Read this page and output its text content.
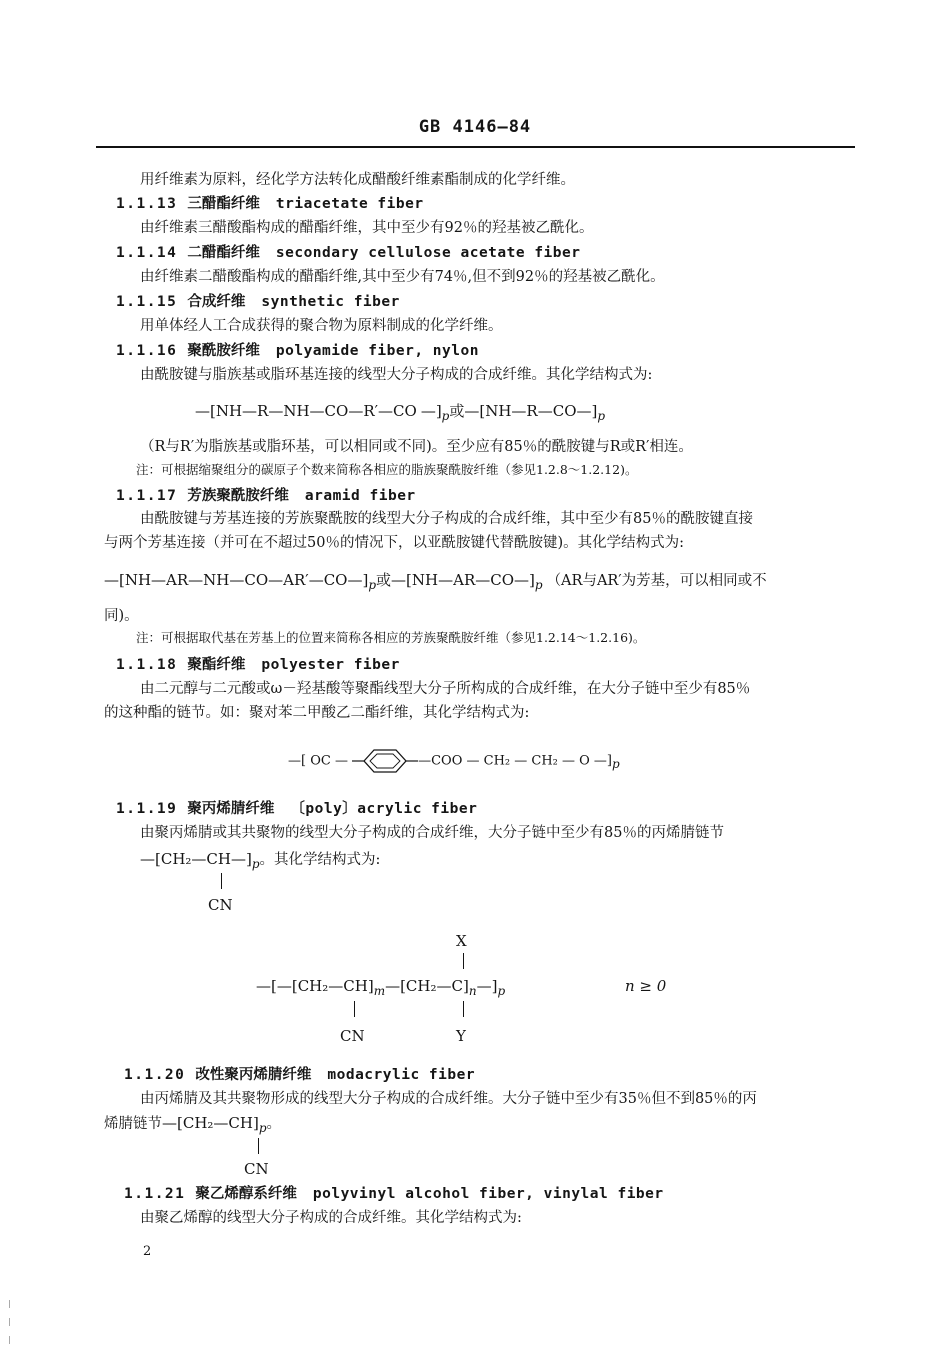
GB 4146—84
用纤维素为原料，经化学方法转化成醋酸纤维素酯制成的化学纤维。
1.1.13 三醋酯纤维 triacetate fiber
由纤维素三醋酸酯构成的醋酯纤维，其中至少有92％的羟基被乙酰化。
1.1.14 二醋酯纤维 secondary cellulose acetate fiber
由纤维素二醋酸酯构成的醋酯纤维,其中至少有74％,但不到92％的羟基被乙酰化。
1.1.15 合成纤维 synthetic fiber
用单体经人工合成获得的聚合物为原料制成的化学纤维。
1.1.16 聚酰胺纤维 polyamide fiber, nylon
由酰胺键与脂族基或脂环基连接的线型大分子构成的合成纤维。其化学结构式为:
—[NH—R—NH—CO—R′—CO $—]_p$或$—[NH—R—CO—]_p$
（R与R′为脂族基或脂环基，可以相同或不同)。至少应有85％的酰胺键与R或R′相连。
注：可根据缩聚组分的碳原子个数来简称各相应的脂族聚酰胺纤维（参见1.2.8～1.2.12)。
1.1.17 芳族聚酰胺纤维 aramid fiber
由酰胺键与芳基连接的芳族聚酰胺的线型大分子构成的合成纤维，其中至少有85％的酰胺键直接
与两个芳基连接（并可在不超过50％的情况下，以亚酰胺键代替酰胺键)。其化学结构式为:
$—[NH—AR—NH—CO—AR'—CO—]_p$或$—[NH—AR—CO—]_p$ （AR与AR′为芳基，可以相同或不
同)。
注：可根据取代基在芳基上的位置来简称各相应的芳族聚酰胺纤维（参见1.2.14～1.2.16)。
1.1.18 聚酯纤维 polyester fiber
由二元醇与二元酸或ω－羟基酸等聚酯线型大分子所构成的合成纤维，在大分子链中至少有85％
的这种酯的链节。如：聚对苯二甲酸乙二酯纤维，其化学结构式为:
—[ OC —	—COO — CH₂ — CH₂ — O $—]_p$
1.1.19 聚丙烯腈纤维 〔poly〕acrylic fiber
由聚丙烯腈或其共聚物的线型大分子构成的合成纤维，大分子链中至少有85％的丙烯腈链节
$—[CH_2—CH—]_p$。其化学结构式为:
CN
X
$—[—[CH_2—CH]_m—[CH_2—C]_n—]_p$	n ≥ 0
CN	Y
1.1.20 改性聚丙烯腈纤维 modacrylic fiber
由丙烯腈及其共聚物形成的线型大分子构成的合成纤维。大分子链中至少有35％但不到85％的丙
烯腈链节$—[CH_2—CH]_p$。
CN
1.1.21 聚乙烯醇系纤维 polyvinyl alcohol fiber, vinylal fiber
由聚乙烯醇的线型大分子构成的合成纤维。其化学结构式为:
2
